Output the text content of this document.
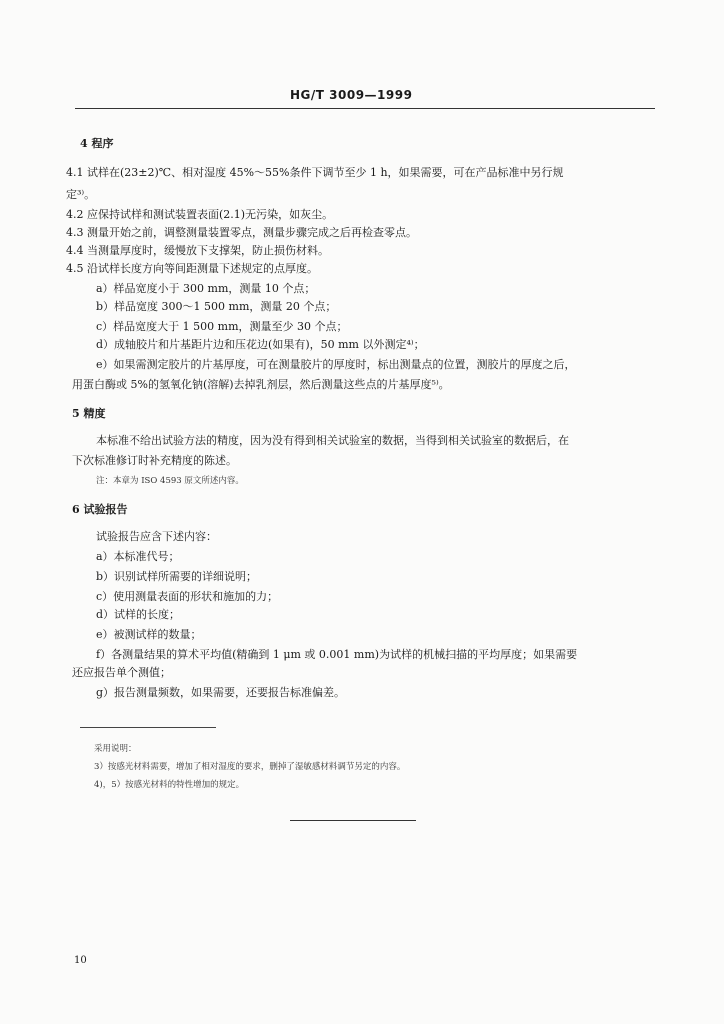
HG/T 3009—1999
4 程序
4.1 试样在(23±2)℃、相对湿度 45%～55%条件下调节至少 1 h，如果需要，可在产品标准中另行规
定³⁾。
4.2 应保持试样和测试装置表面(2.1)无污染，如灰尘。
4.3 测量开始之前，调整测量装置零点，测量步骤完成之后再检查零点。
4.4 当测量厚度时，缓慢放下支撑架，防止损伤材料。
4.5 沿试样长度方向等间距测量下述规定的点厚度。
a）样品宽度小于 300 mm，测量 10 个点；
b）样品宽度 300～1 500 mm，测量 20 个点；
c）样品宽度大于 1 500 mm，测量至少 30 个点；
d）成轴胶片和片基距片边和压花边(如果有)，50 mm 以外测定⁴⁾；
e）如果需测定胶片的片基厚度，可在测量胶片的厚度时，标出测量点的位置，测胶片的厚度之后，
用蛋白酶或 5%的氢氧化钠(溶解)去掉乳剂层，然后测量这些点的片基厚度⁵⁾。
5 精度
本标准不给出试验方法的精度，因为没有得到相关试验室的数据，当得到相关试验室的数据后，在
下次标准修订时补充精度的陈述。
注：本章为 ISO 4593 原文所述内容。
6 试验报告
试验报告应含下述内容：
a）本标准代号；
b）识别试样所需要的详细说明；
c）使用测量表面的形状和施加的力；
d）试样的长度；
e）被测试样的数量；
f）各测量结果的算术平均值(精确到 1 μm 或 0.001 mm)为试样的机械扫描的平均厚度；如果需要
还应报告单个测值；
g）报告测量频数，如果需要，还要报告标准偏差。
采用说明：
3）按感光材料需要，增加了相对湿度的要求，删掉了湿敏感材料调节另定的内容。
4)，5）按感光材料的特性增加的规定。
10
